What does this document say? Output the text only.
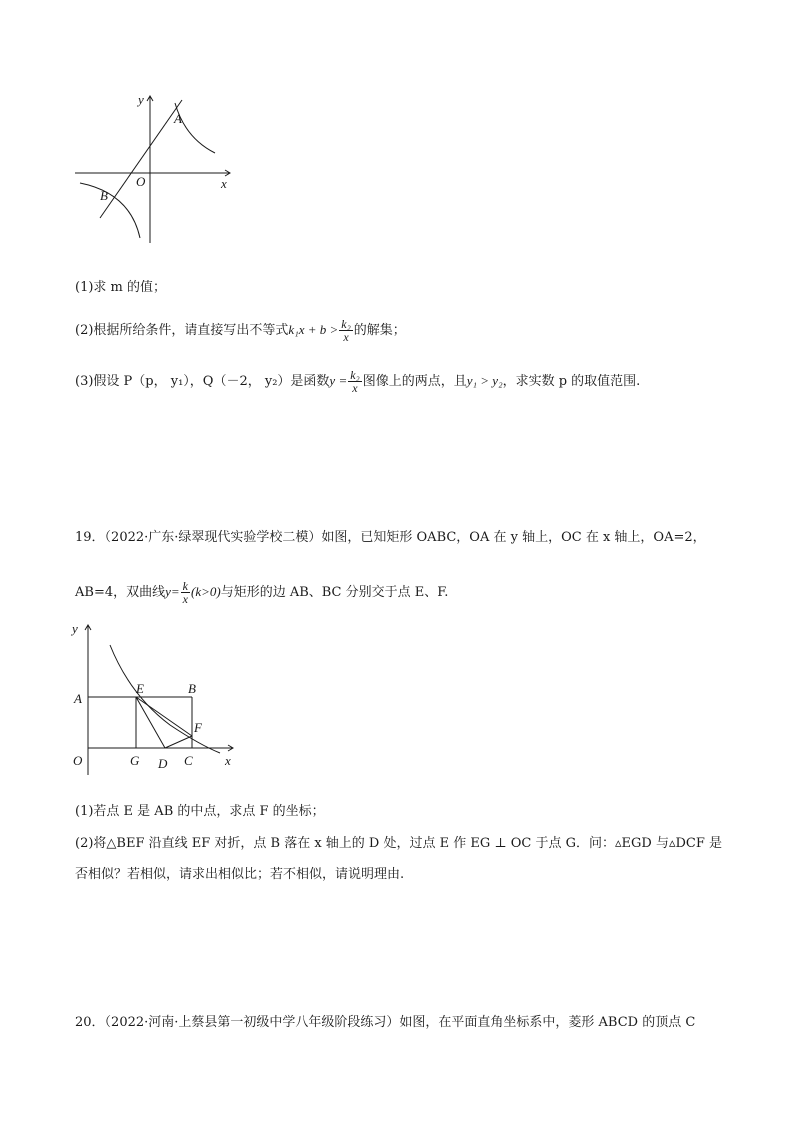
y
x
O
A
B
(1)求 m 的值；
(2)根据所给条件，请直接写出不等式$k_1x + b > \frac{\text{k₂}}{x}$ 的解集；
(3)假设 P（p， y₁），Q（－2， y₂）是函数$y = \frac{\text{k₂}}{x}$ 图像上的两点，且y₁ > y₂，求实数 p 的取值范围.
19．（2022·广东·绿翠现代实验学校二模）如图，已知矩形 OABC，OA 在 y 轴上，OC 在 x 轴上，OA=2，
AB=4，双曲线$y= \frac{k}{x} (k>0)$与矩形的边 AB、BC 分别交于点 E、F.
y
x
O
A
E	B
F
G D C
(1)若点 E 是 AB 的中点，求点 F 的坐标；
(2)将△BEF 沿直线 EF 对折，点 B 落在 x 轴上的 D 处，过点 E 作 EG ⊥ OC 于点 G．问：▵EGD 与▵DCF 是
否相似？若相似，请求出相似比；若不相似，请说明理由.
20．（2022·河南·上蔡县第一初级中学八年级阶段练习）如图，在平面直角坐标系中，菱形 ABCD 的顶点 C
